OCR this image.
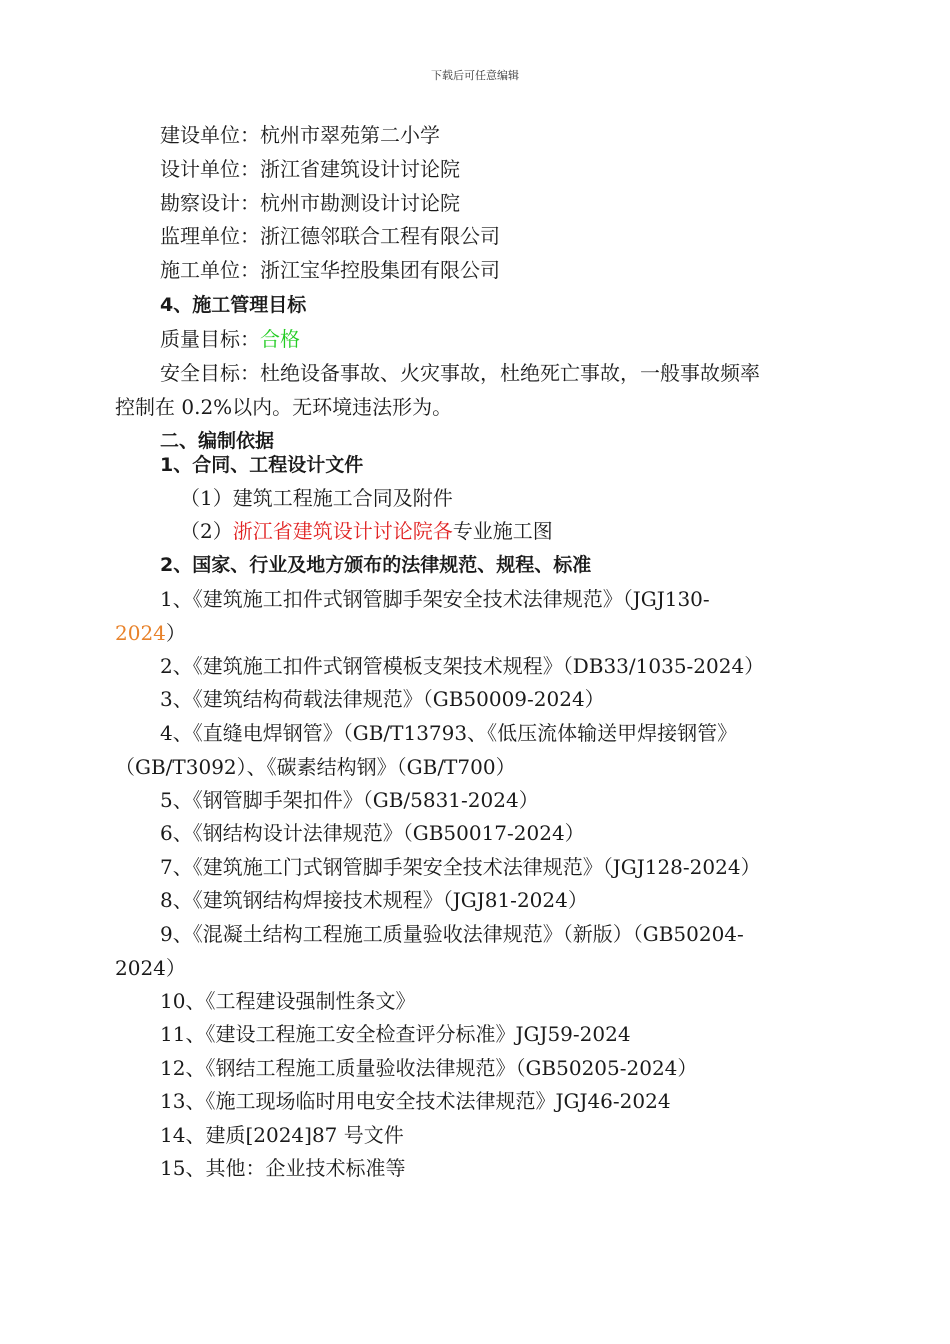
下载后可任意编辑
建设单位：杭州市翠苑第二小学
设计单位：浙江省建筑设计讨论院
勘察设计：杭州市勘测设计讨论院
监理单位：浙江德邻联合工程有限公司
施工单位：浙江宝华控股集团有限公司
4、施工管理目标
质量目标：合格
安全目标：杜绝设备事故、火灾事故，杜绝死亡事故，一般事故频率
控制在 0.2%以内。无环境违法形为。
二、编制依据
1、合同、工程设计文件
（1）建筑工程施工合同及附件
（2）浙江省建筑设计讨论院各专业施工图
2、国家、行业及地方颁布的法律规范、规程、标准
1、《建筑施工扣件式钢管脚手架安全技术法律规范》（JGJ130-
2024）
2、《建筑施工扣件式钢管模板支架技术规程》（DB33/1035-2024）
3、《建筑结构荷载法律规范》（GB50009-2024）
4、《直缝电焊钢管》（GB/T13793、《低压流体输送甲焊接钢管》
（GB/T3092）、《碳素结构钢》（GB/T700）
5、《钢管脚手架扣件》（GB/5831-2024）
6、《钢结构设计法律规范》（GB50017-2024）
7、《建筑施工门式钢管脚手架安全技术法律规范》（JGJ128-2024）
8、《建筑钢结构焊接技术规程》（JGJ81-2024）
9、《混凝土结构工程施工质量验收法律规范》（新版）（GB50204-
2024）
10、《工程建设强制性条文》
11、《建设工程施工安全检查评分标准》JGJ59-2024
12、《钢结工程施工质量验收法律规范》（GB50205-2024）
13、《施工现场临时用电安全技术法律规范》JGJ46-2024
14、建质[2024]87 号文件
15、其他：企业技术标准等
